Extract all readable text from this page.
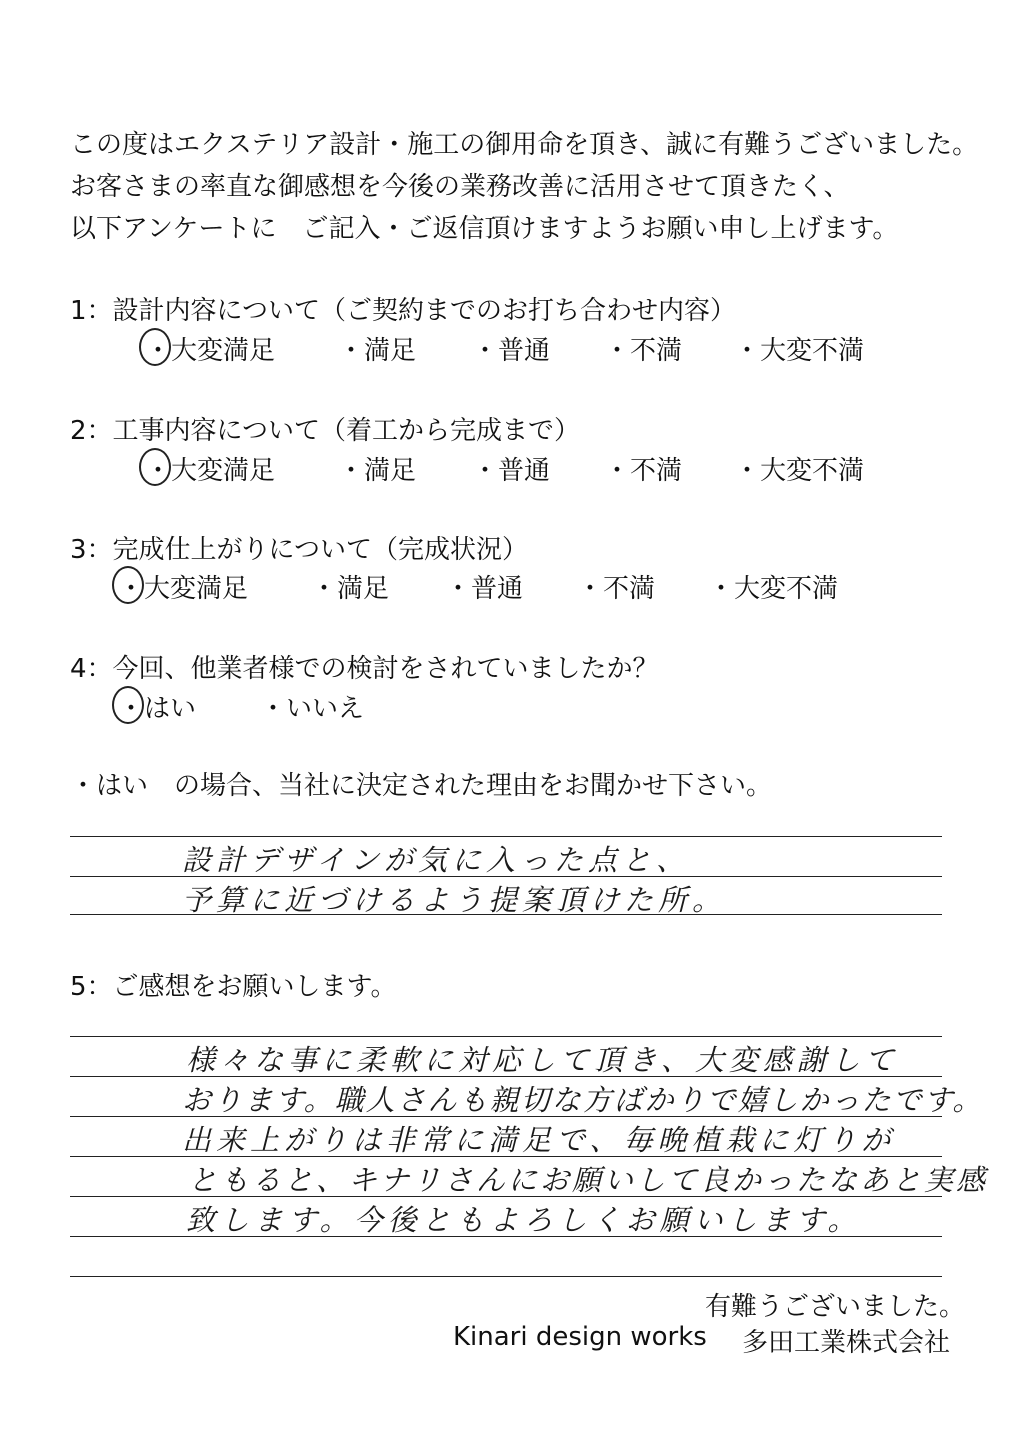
この度はエクステリア設計・施工の御用命を頂き、誠に有難うございました。
お客さまの率直な御感想を今後の業務改善に活用させて頂きたく、
以下アンケートに　ご記入・ご返信頂けますようお願い申し上げます。
1：設計内容について（ご契約までのお打ち合わせ内容）
・大変満足 ・満足 ・普通 ・不満 ・大変不満
2：工事内容について（着工から完成まで）
・大変満足 ・満足 ・普通 ・不満 ・大変不満
3：完成仕上がりについて（完成状況）
・大変満足 ・満足 ・普通 ・不満 ・大変不満
4：今回、他業者様での検討をされていましたか？
・はい ・いいえ
・はい　の場合、当社に決定された理由をお聞かせ下さい。
設計デザインが気に入った点と、
予算に近づけるよう提案頂けた所。
5：ご感想をお願いします。
様々な事に柔軟に対応して頂き、大変感謝して
おります。職人さんも親切な方ばかりで嬉しかったです。
出来上がりは非常に満足で、毎晩植栽に灯りが
ともると、キナリさんにお願いして良かったなあと実感
致します。今後ともよろしくお願いします。
有難うございました。
Kinari design works 多田工業株式会社
